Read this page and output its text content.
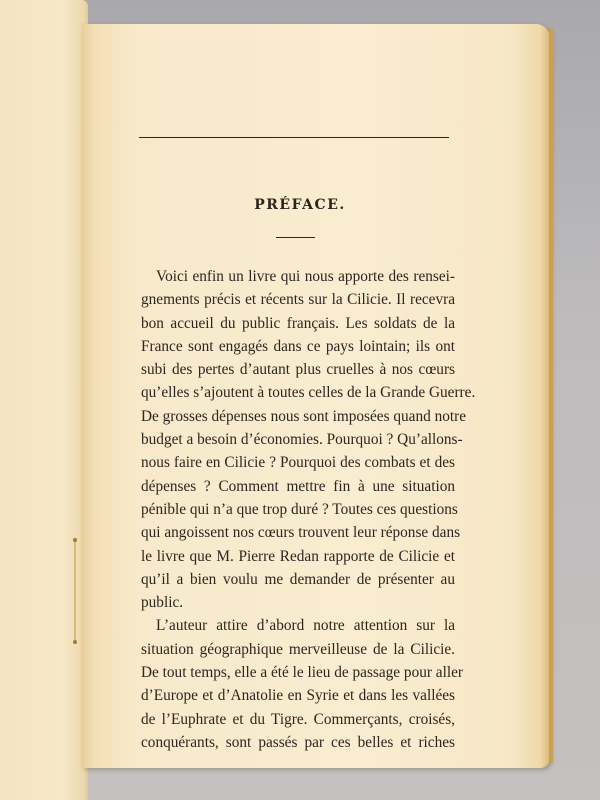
PRÉFACE.
Voici enfin un livre qui nous apporte des rensei-
gnements précis et récents sur la Cilicie. Il recevra
bon accueil du public français. Les soldats de la
France sont engagés dans ce pays lointain; ils ont
subi des pertes d’autant plus cruelles à nos cœurs
qu’elles s’ajoutent à toutes celles de la Grande Guerre.
De grosses dépenses nous sont imposées quand notre
budget a besoin d’économies. Pourquoi ? Qu’allons-
nous faire en Cilicie ? Pourquoi des combats et des
dépenses ? Comment mettre fin à une situation
pénible qui n’a que trop duré ? Toutes ces questions
qui angoissent nos cœurs trouvent leur réponse dans
le livre que M. Pierre Redan rapporte de Cilicie et
qu’il a bien voulu me demander de présenter au
public.
L’auteur attire d’abord notre attention sur la
situation géographique merveilleuse de la Cilicie.
De tout temps, elle a été le lieu de passage pour aller
d’Europe et d’Anatolie en Syrie et dans les vallées
de l’Euphrate et du Tigre. Commerçants, croisés,
conquérants, sont passés par ces belles et riches
